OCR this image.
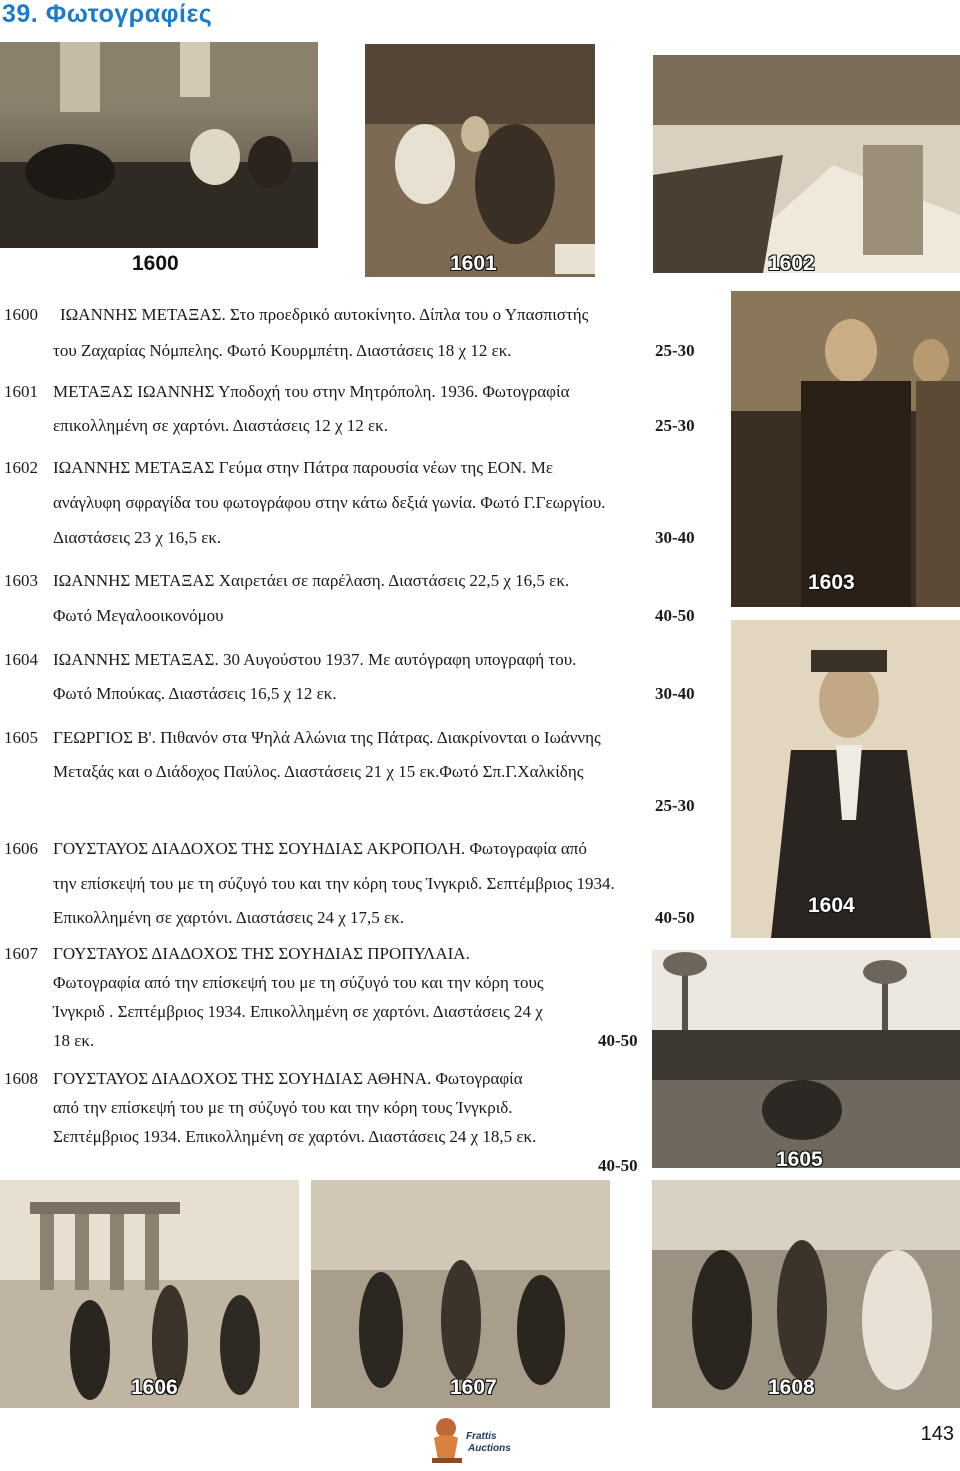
39. Φωτογραφίες
1600	1601	1602
1603
1604
1605
1606	1607	1608
1600 ΙΩΑΝΝΗΣ ΜΕΤΑΞΑΣ. Στο προεδρικό αυτοκίνητο. Δίπλα του ο Υπασπιστής
του Ζαχαρίας Νόμπελης. Φωτό Κουρμπέτη. Διαστάσεις 18 χ 12 εκ.	25-30
1601 ΜΕΤΑΞΑΣ ΙΩΑΝΝΗΣ Υποδοχή του στην Μητρόπολη. 1936. Φωτογραφία
επικολλημένη σε χαρτόνι. Διαστάσεις 12 χ 12 εκ.	25-30
1602 ΙΩΑΝΝΗΣ ΜΕΤΑΞΑΣ Γεύμα στην Πάτρα παρουσία νέων της ΕΟΝ. Με
ανάγλυφη σφραγίδα του φωτογράφου στην κάτω δεξιά γωνία. Φωτό Γ.Γεωργίου.
Διαστάσεις 23 χ 16,5 εκ.	30-40
1603 ΙΩΑΝΝΗΣ ΜΕΤΑΞΑΣ Χαιρετάει σε παρέλαση. Διαστάσεις 22,5 χ 16,5 εκ.
Φωτό Μεγαλοοικονόμου	40-50
1604 ΙΩΑΝΝΗΣ ΜΕΤΑΞΑΣ. 30 Αυγούστου 1937. Με αυτόγραφη υπογραφή του.
Φωτό Μπούκας. Διαστάσεις 16,5 χ 12 εκ.	30-40
1605 ΓΕΩΡΓΙΟΣ Β'. Πιθανόν στα Ψηλά Αλώνια της Πάτρας. Διακρίνονται ο Ιωάννης
Μεταξάς και ο Διάδοχος Παύλος. Διαστάσεις 21 χ 15 εκ.Φωτό Σπ.Γ.Χαλκίδης
25-30
1606 ΓΟΥΣΤΑΥΟΣ ΔΙΑΔΟΧΟΣ ΤΗΣ ΣΟΥΗΔΙΑΣ ΑΚΡΟΠΟΛΗ. Φωτογραφία από
την επίσκεψή του με τη σύζυγό του και την κόρη τους Ίνγκριδ. Σεπτέμβριος 1934.
Επικολλημένη σε χαρτόνι. Διαστάσεις 24 χ 17,5 εκ.	40-50
1607 ΓΟΥΣΤΑΥΟΣ ΔΙΑΔΟΧΟΣ ΤΗΣ ΣΟΥΗΔΙΑΣ ΠΡΟΠΥΛΑΙΑ.
Φωτογραφία από την επίσκεψή του με τη σύζυγό του και την κόρη τους
Ίνγκριδ . Σεπτέμβριος 1934. Επικολλημένη σε χαρτόνι. Διαστάσεις 24 χ
18 εκ.	40-50
1608 ΓΟΥΣΤΑΥΟΣ ΔΙΑΔΟΧΟΣ ΤΗΣ ΣΟΥΗΔΙΑΣ ΑΘΗΝΑ. Φωτογραφία
από την επίσκεψή του με τη σύζυγό του και την κόρη τους Ίνγκριδ.
Σεπτέμβριος 1934. Επικολλημένη σε χαρτόνι. Διαστάσεις 24 χ 18,5 εκ.
40-50
Frattis
Auctions
143
